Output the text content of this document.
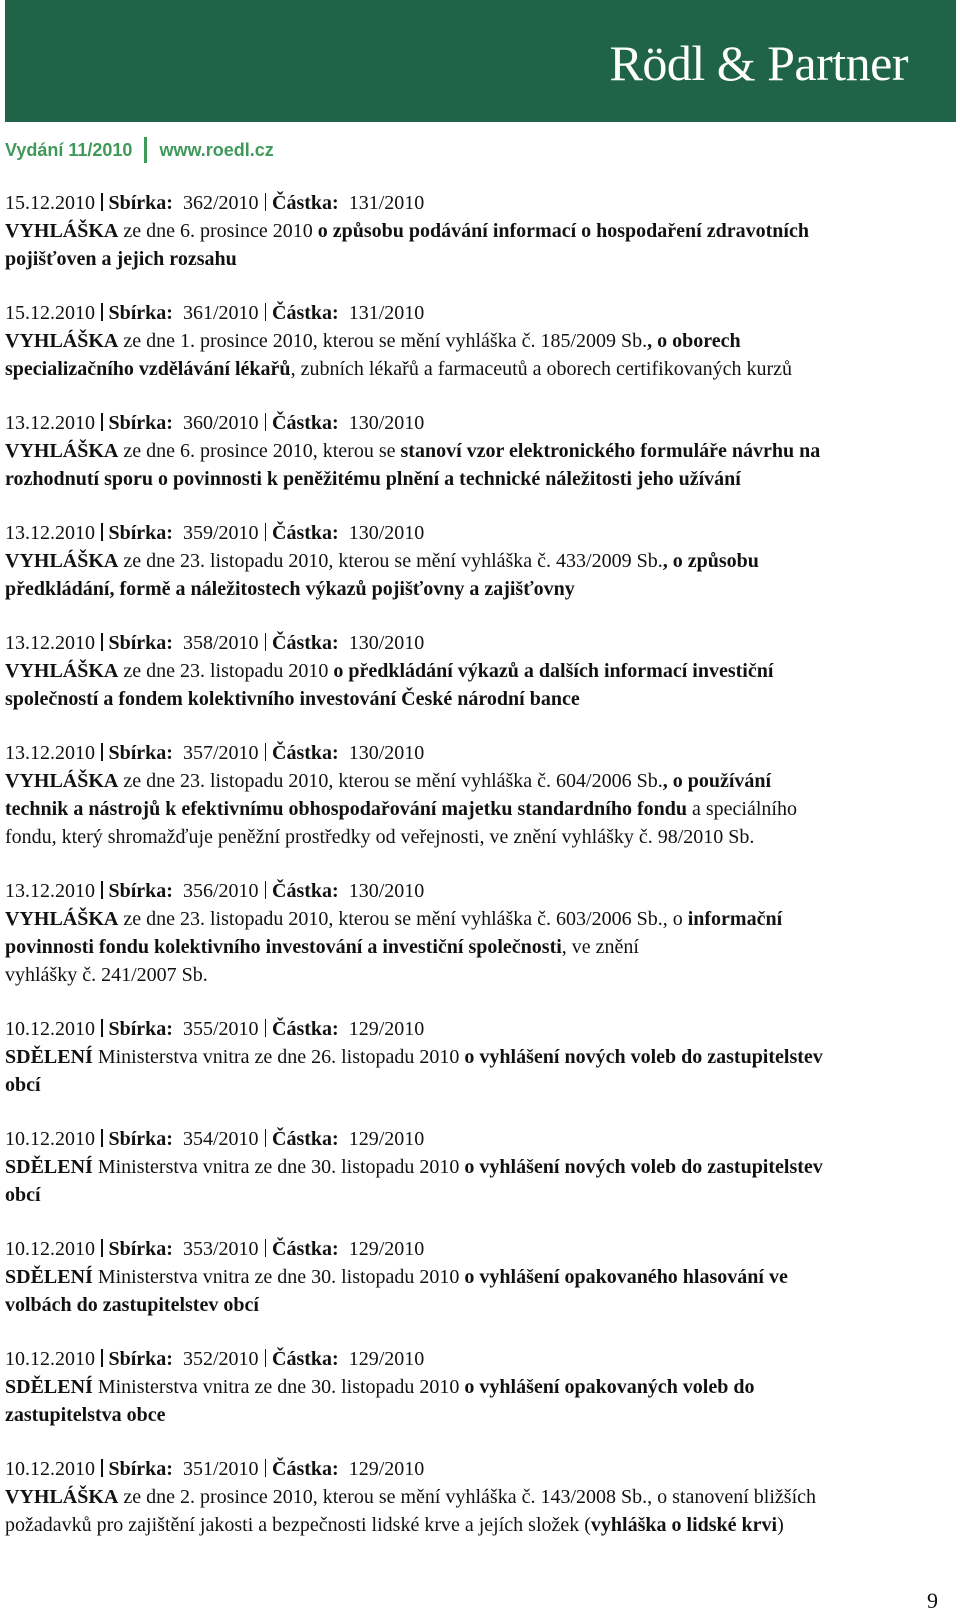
Rödl & Partner
Vydání 11/2010 www.roedl.cz
15.12.2010 Sbírka: 362/2010 Částka: 131/2010
VYHLÁŠKA ze dne 6. prosince 2010 o způsobu podávání informací o hospodaření zdravotních
pojišťoven a jejich rozsahu
15.12.2010 Sbírka: 361/2010 Částka: 131/2010
VYHLÁŠKA ze dne 1. prosince 2010, kterou se mění vyhláška č. 185/2009 Sb., o oborech
specializačního vzdělávání lékařů, zubních lékařů a farmaceutů a oborech certifikovaných kurzů
13.12.2010 Sbírka: 360/2010 Částka: 130/2010
VYHLÁŠKA ze dne 6. prosince 2010, kterou se stanoví vzor elektronického formuláře návrhu na
rozhodnutí sporu o povinnosti k peněžitému plnění a technické náležitosti jeho užívání
13.12.2010 Sbírka: 359/2010 Částka: 130/2010
VYHLÁŠKA ze dne 23. listopadu 2010, kterou se mění vyhláška č. 433/2009 Sb., o způsobu
předkládání, formě a náležitostech výkazů pojišťovny a zajišťovny
13.12.2010 Sbírka: 358/2010 Částka: 130/2010
VYHLÁŠKA ze dne 23. listopadu 2010 o předkládání výkazů a dalších informací investiční
společností a fondem kolektivního investování České národní bance
13.12.2010 Sbírka: 357/2010 Částka: 130/2010
VYHLÁŠKA ze dne 23. listopadu 2010, kterou se mění vyhláška č. 604/2006 Sb., o používání
technik a nástrojů k efektivnímu obhospodařování majetku standardního fondu a speciálního
fondu, který shromažďuje peněžní prostředky od veřejnosti, ve znění vyhlášky č. 98/2010 Sb.
13.12.2010 Sbírka: 356/2010 Částka: 130/2010
VYHLÁŠKA ze dne 23. listopadu 2010, kterou se mění vyhláška č. 603/2006 Sb., o informační
povinnosti fondu kolektivního investování a investiční společnosti, ve znění
vyhlášky č. 241/2007 Sb.
10.12.2010 Sbírka: 355/2010 Částka: 129/2010
SDĚLENÍ Ministerstva vnitra ze dne 26. listopadu 2010 o vyhlášení nových voleb do zastupitelstev
obcí
10.12.2010 Sbírka: 354/2010 Částka: 129/2010
SDĚLENÍ Ministerstva vnitra ze dne 30. listopadu 2010 o vyhlášení nových voleb do zastupitelstev
obcí
10.12.2010 Sbírka: 353/2010 Částka: 129/2010
SDĚLENÍ Ministerstva vnitra ze dne 30. listopadu 2010 o vyhlášení opakovaného hlasování ve
volbách do zastupitelstev obcí
10.12.2010 Sbírka: 352/2010 Částka: 129/2010
SDĚLENÍ Ministerstva vnitra ze dne 30. listopadu 2010 o vyhlášení opakovaných voleb do
zastupitelstva obce
10.12.2010 Sbírka: 351/2010 Částka: 129/2010
VYHLÁŠKA ze dne 2. prosince 2010, kterou se mění vyhláška č. 143/2008 Sb., o stanovení bližších
požadavků pro zajištění jakosti a bezpečnosti lidské krve a jejích složek (vyhláška o lidské krvi)
9
